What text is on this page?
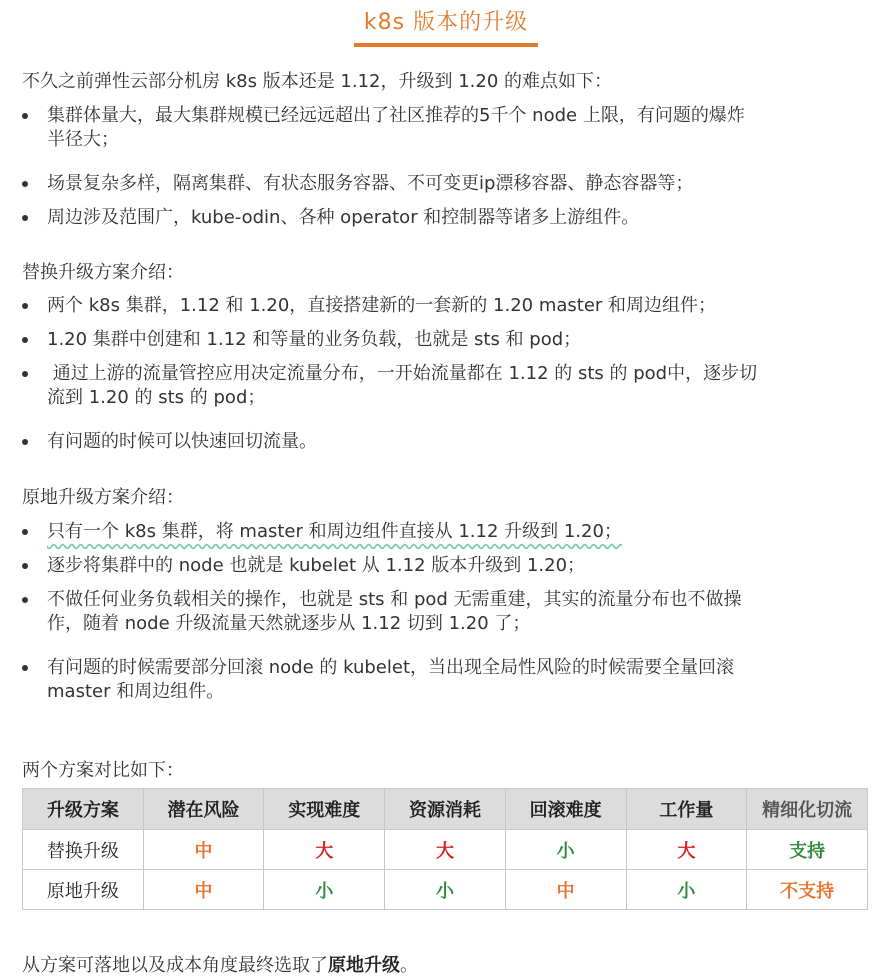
k8s 版本的升级
不久之前弹性云部分机房 k8s 版本还是 1.12，升级到 1.20 的难点如下：
集群体量大，最大集群规模已经远远超出了社区推荐的5千个 node 上限，有问题的爆炸
半径大；
场景复杂多样，隔离集群、有状态服务容器、不可变更ip漂移容器、静态容器等；
周边涉及范围广，kube-odin、各种 operator 和控制器等诸多上游组件。
替换升级方案介绍：
两个 k8s 集群，1.12 和 1.20，直接搭建新的一套新的 1.20 master 和周边组件；
1.20 集群中创建和 1.12 和等量的业务负载，也就是 sts 和 pod；
通过上游的流量管控应用决定流量分布，一开始流量都在 1.12 的 sts 的 pod中，逐步切
流到 1.20 的 sts 的 pod；
有问题的时候可以快速回切流量。
原地升级方案介绍：
只有一个 k8s 集群，将 master 和周边组件直接从 1.12 升级到 1.20；
逐步将集群中的 node 也就是 kubelet 从 1.12 版本升级到 1.20；
不做任何业务负载相关的操作，也就是 sts 和 pod 无需重建，其实的流量分布也不做操
作，随着 node 升级流量天然就逐步从 1.12 切到 1.20 了；
有问题的时候需要部分回滚 node 的 kubelet，当出现全局性风险的时候需要全量回滚
master 和周边组件。
两个方案对比如下：
升级方案	潜在风险	实现难度	资源消耗	回滚难度	工作量	精细化切流
替换升级	中	大	大	小	大	支持
原地升级	中	小	小	中	小	不支持
从方案可落地以及成本角度最终选取了原地升级。
